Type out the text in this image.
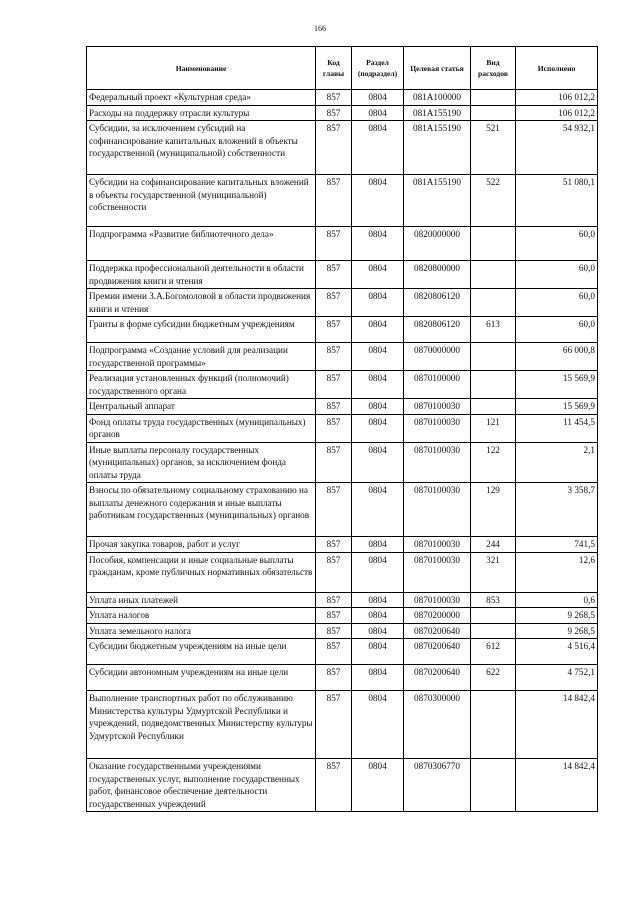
166
Наименование	Код главы	Раздел (подраздел)	Целевая статья	Вид расходов	Исполнено
Федеральный проект «Культурная среда»	857	0804	081A100000		106 012,2
Расходы на поддержку отрасли культуры	857	0804	081A155190		106 012,2
Субсидии, за исключением субсидий на софинансирование капитальных вложений в объекты государственной (муниципальной) собственности	857	0804	081A155190	521	54 932,1
Субсидии на софинансирование капитальных вложений в объекты государственной (муниципальной) собственности	857	0804	081A155190	522	51 080,1
Подпрограмма «Развитие библиотечного дела»	857	0804	0820000000		60,0
Поддержка профессиональной деятельности в области продвижения книги и чтения	857	0804	0820800000		60,0
Премии имени З.А.Богомоловой в области продвижения книги и чтения	857	0804	0820806120		60,0
Гранты в форме субсидии бюджетным учреждениям	857	0804	0820806120	613	60,0
Подпрограмма «Создание условий для реализации государственной программы»	857	0804	0870000000		66 000,8
Реализация установленных функций (полномочий) государственного органа	857	0804	0870100000		15 569,9
Центральный аппарат	857	0804	0870100030		15 569,9
Фонд оплаты труда государственных (муниципальных) органов	857	0804	0870100030	121	11 454,5
Иные выплаты персоналу государственных (муниципальных) органов, за исключением фонда оплаты труда	857	0804	0870100030	122	2,1
Взносы по обязательному социальному страхованию на выплаты денежного содержания и иные выплаты работникам государственных (муниципальных) органов	857	0804	0870100030	129	3 358,7
Прочая закупка товаров, работ и услуг	857	0804	0870100030	244	741,5
Пособия, компенсации и иные социальные выплаты гражданам, кроме публичных нормативных обязательств	857	0804	0870100030	321	12,6
Уплата иных платежей	857	0804	0870100030	853	0,6
Уплата налогов	857	0804	0870200000		9 268,5
Уплата земельного налога	857	0804	0870200640		9 268,5
Субсидии бюджетным учреждениям на иные цели	857	0804	0870200640	612	4 516,4
Субсидии автономным учреждениям на иные цели	857	0804	0870200640	622	4 752,1
Выполнение транспортных работ по обслуживанию Министерства культуры Удмуртской Республики и учреждений, подведомственных Министерству культуры Удмуртской Республики	857	0804	0870300000		14 842,4
Оказание государственными учреждениями государственных услуг, выполнение государственных работ, финансовое обеспечение деятельности государственных учреждений	857	0804	0870306770		14 842,4
